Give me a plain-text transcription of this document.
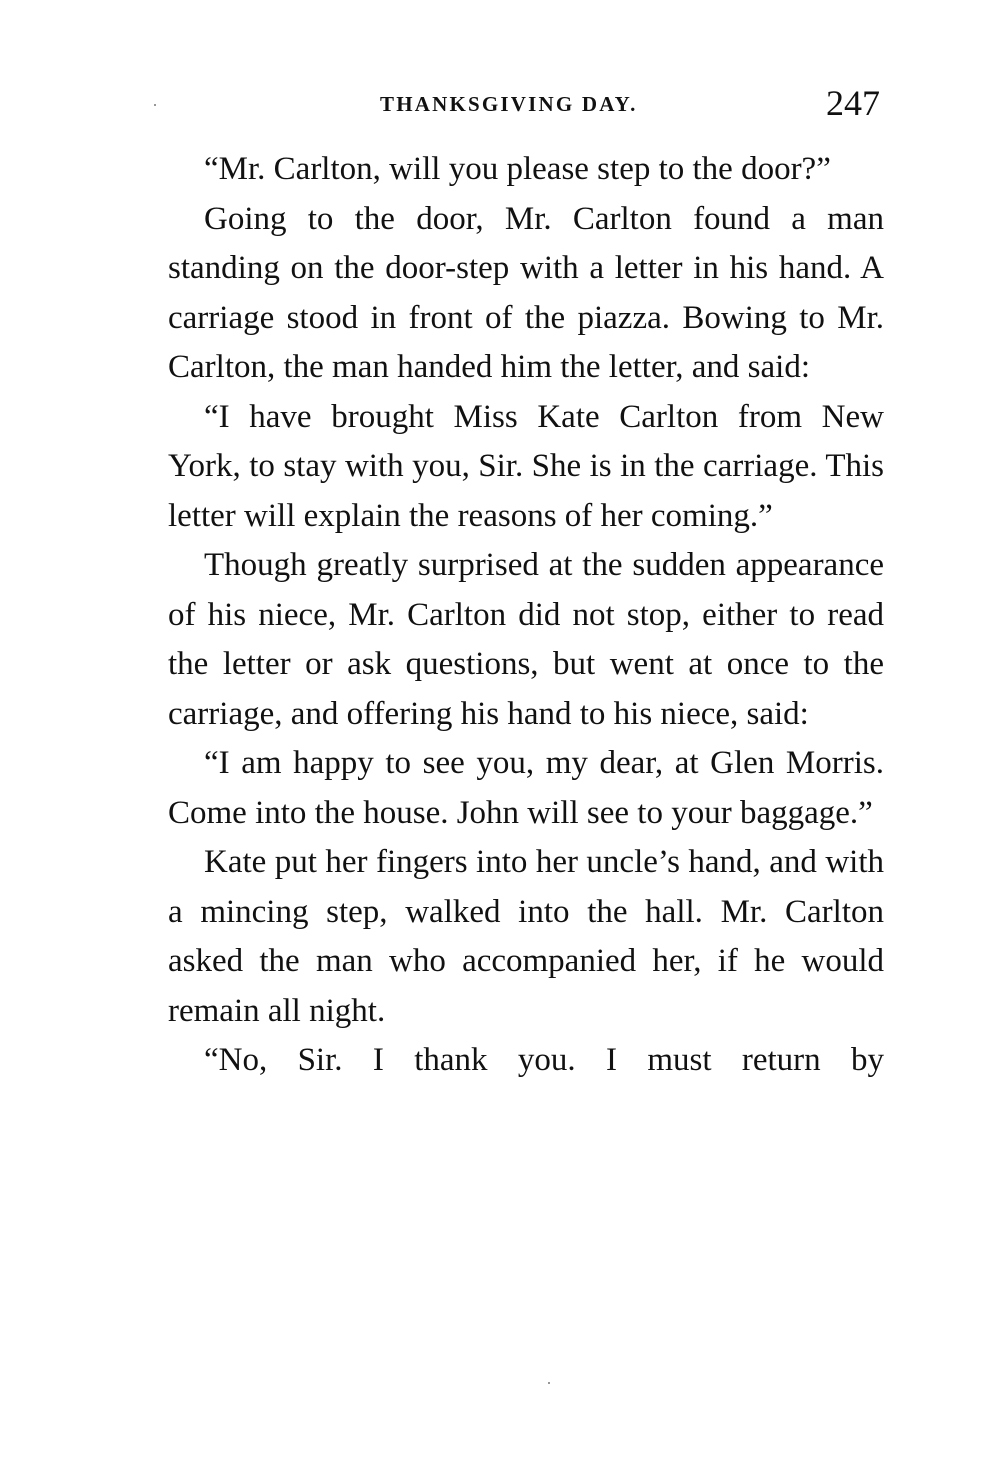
THANKSGIVING DAY.	247

“Mr. Carlton, will you please step to the door?”

Going to the door, Mr. Carlton found a man standing on the door-step with a letter in his hand. A carriage stood in front of the piazza. Bowing to Mr. Carlton, the man handed him the letter, and said:

“I have brought Miss Kate Carlton from New York, to stay with you, Sir. She is in the carriage. This letter will explain the reasons of her coming.”

Though greatly surprised at the sudden appearance of his niece, Mr. Carlton did not stop, either to read the letter or ask questions, but went at once to the carriage, and offering his hand to his niece, said:

“I am happy to see you, my dear, at Glen Morris. Come into the house. John will see to your baggage.”

Kate put her fingers into her uncle’s hand, and with a mincing step, walked into the hall. Mr. Carlton asked the man who accompanied her, if he would remain all night.

“No, Sir. I thank you. I must return by
